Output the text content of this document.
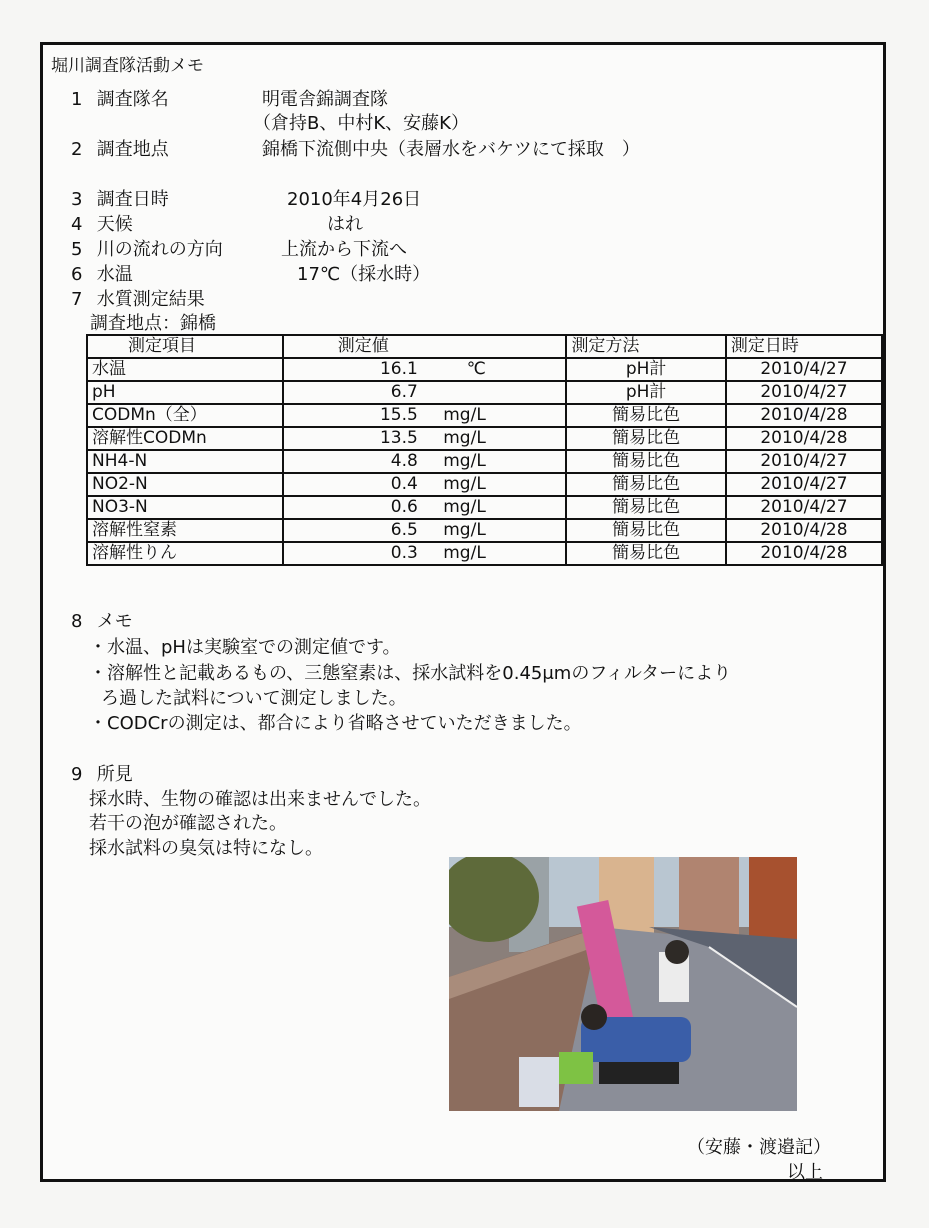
堀川調査隊活動メモ
1 調査隊名	明電舎錦調査隊
（倉持B、中村K、安藤K）
2 調査地点	錦橋下流側中央（表層水をバケツにて採取　）
3 調査日時	2010年4月26日
4 天候	はれ
5 川の流れの方向	上流から下流へ
6 水温	17℃（採水時）
7 水質測定結果
調査地点：錦橋
測定項目	測定値	測定方法	測定日時
水温	16.1 ℃	pH計	2010/4/27
pH	6.7	pH計	2010/4/27
CODMn（全）	15.5 mg/L	簡易比色	2010/4/28
溶解性CODMn	13.5 mg/L	簡易比色	2010/4/28
NH4-N	4.8 mg/L	簡易比色	2010/4/27
NO2-N	0.4 mg/L	簡易比色	2010/4/27
NO3-N	0.6 mg/L	簡易比色	2010/4/27
溶解性窒素	6.5 mg/L	簡易比色	2010/4/28
溶解性りん	0.3 mg/L	簡易比色	2010/4/28
8 メモ
・水温、pHは実験室での測定値です。
・溶解性と記載あるもの、三態窒素は、採水試料を0.45μmのフィルターにより
ろ過した試料について測定しました。
・CODCrの測定は、都合により省略させていただきました。
9 所見
採水時、生物の確認は出来ませんでした。
若干の泡が確認された。
採水試料の臭気は特になし。
（安藤・渡邉記）
以上
